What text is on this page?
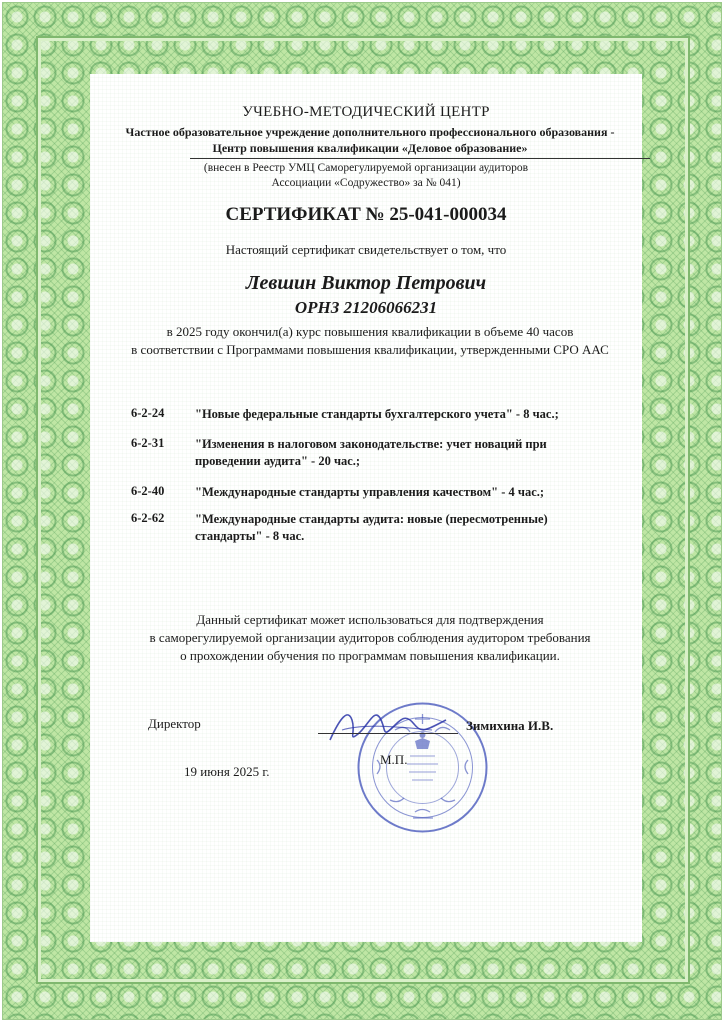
УЧЕБНО-МЕТОДИЧЕСКИЙ ЦЕНТР
Частное образовательное учреждение дополнительного профессионального образования -
Центр повышения квалификации «Деловое образование»
(внесен в Реестр УМЦ Саморегулируемой организации аудиторов
Ассоциации «Содружество» за № 041)
СЕРТИФИКАТ № 25-041-000034
Настоящий сертификат свидетельствует о том, что
Левшин Виктор Петрович
ОРНЗ 21206066231
в 2025 году окончил(а) курс повышения квалификации в объеме 40 часов
в соответствии с Программами повышения квалификации, утвержденными СРО ААС
6-2-24 "Новые федеральные стандарты бухгалтерского учета" - 8 час.;
6-2-31 "Изменения в налоговом законодательстве: учет новаций при
проведении аудита" - 20 час.;
6-2-40 "Международные стандарты управления качеством" - 4 час.;
6-2-62 "Международные стандарты аудита: новые (пересмотренные)
стандарты" - 8 час.
Данный сертификат может использоваться для подтверждения
в саморегулируемой организации аудиторов соблюдения аудитором требования
о прохождении обучения по программам повышения квалификации.
Директор	Зимихина И.В.
М.П.
19 июня 2025 г.
